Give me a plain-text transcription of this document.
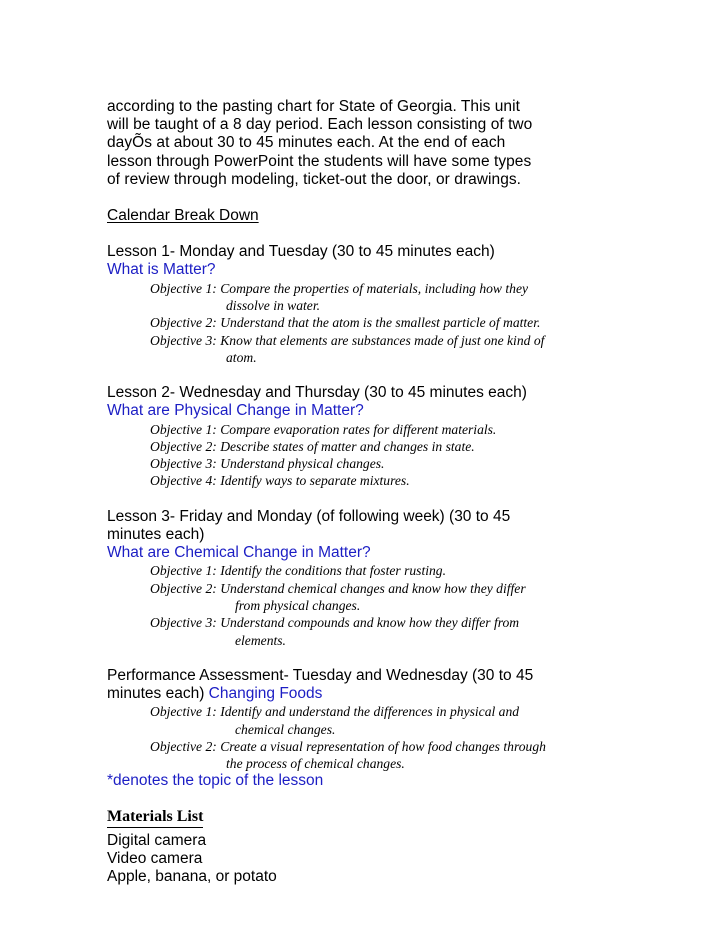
according to the pasting chart for State of Georgia. This unit

will be taught of a 8 day period. Each lesson consisting of two

dayÕs at about 30 to 45 minutes each. At the end of each

lesson through PowerPoint the students will have some types

of review through modeling, ticket-out the door, or drawings.

Calendar Break Down

Lesson 1- Monday and Tuesday (30 to 45 minutes each)

What is Matter?

Objective 1: Compare the properties of materials, including how they

dissolve in water.

Objective 2: Understand that the atom is the smallest particle of matter.

Objective 3: Know that elements are substances made of just one kind of

atom.

Lesson 2- Wednesday and Thursday (30 to 45 minutes each)

What are Physical Change in Matter?

Objective 1: Compare evaporation rates for different materials.

Objective 2: Describe states of matter and changes in state.

Objective 3: Understand physical changes.

Objective 4: Identify ways to separate mixtures.

Lesson 3- Friday and Monday (of following week) (30 to 45

minutes each)

What are Chemical Change in Matter?

Objective 1: Identify the conditions that foster rusting.

Objective 2: Understand chemical changes and know how they differ

from physical changes.

Objective 3: Understand compounds and know how they differ from

elements.

Performance Assessment- Tuesday and Wednesday (30 to 45

minutes each) Changing Foods

Objective 1: Identify and understand the differences in physical and

chemical changes.

Objective 2: Create a visual representation of how food changes through

the process of chemical changes.

*denotes the topic of the lesson

Materials List

Digital camera

Video camera

Apple, banana, or potato
